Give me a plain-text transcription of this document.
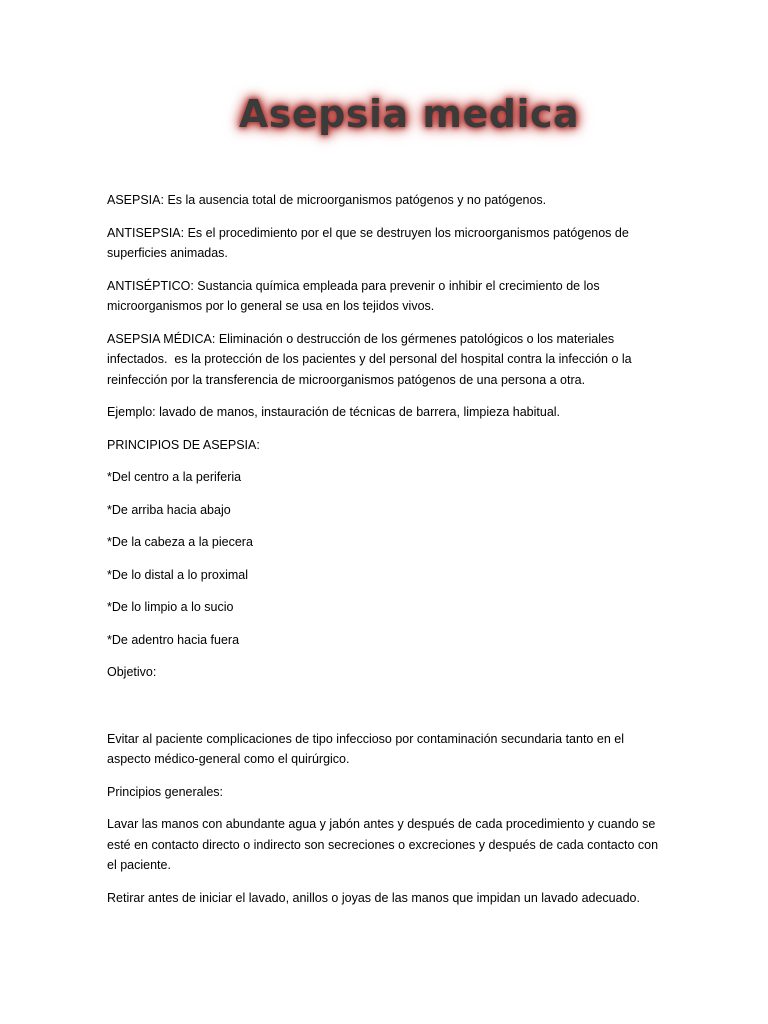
Asepsia medica

ASEPSIA: Es la ausencia total de microorganismos patógenos y no patógenos.

ANTISEPSIA: Es el procedimiento por el que se destruyen los microorganismos patógenos de superficies animadas.

ANTISÉPTICO: Sustancia química empleada para prevenir o inhibir el crecimiento de los microorganismos por lo general se usa en los tejidos vivos.

ASEPSIA MÉDICA: Eliminación o destrucción de los gérmenes patológicos o los materiales infectados.  es la protección de los pacientes y del personal del hospital contra la infección o la reinfección por la transferencia de microorganismos patógenos de una persona a otra.

Ejemplo: lavado de manos, instauración de técnicas de barrera, limpieza habitual.

PRINCIPIOS DE ASEPSIA:

*Del centro a la periferia

*De arriba hacia abajo

*De la cabeza a la piecera

*De lo distal a lo proximal

*De lo limpio a lo sucio

*De adentro hacia fuera

Objetivo:

Evitar al paciente complicaciones de tipo infeccioso por contaminación secundaria tanto en el aspecto médico-general como el quirúrgico.

Principios generales:

Lavar las manos con abundante agua y jabón antes y después de cada procedimiento y cuando se esté en contacto directo o indirecto son secreciones o excreciones y después de cada contacto con el paciente.

Retirar antes de iniciar el lavado, anillos o joyas de las manos que impidan un lavado adecuado.
